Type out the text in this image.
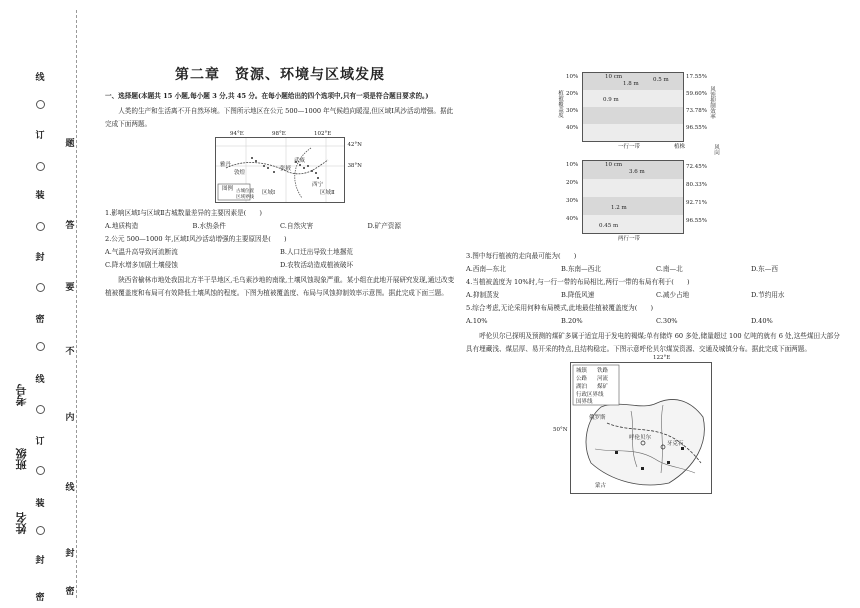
线
订
装
封
密
线
订
装
封
密
题
答
要
不
内
线
封
密
考号
班级
姓名
第二章　资源、环境与区域发展

一、选择题(本题共 15 小题,每小题 3 分,共 45 分。在每小题给出的四个选项中,只有一项是符合题目要求的。)

人类的生产和生活离不开自然环境。下图所示地区在公元 500—1000 年气候趋向暖湿,但区域Ⅰ风沙活动增强。据此完成下面两题。

94°E	98°E	102°E
42°N
38°N
雅丹
敦煌
张掖
武威
西宁
区域Ⅰ	区域Ⅱ
图例 古城位置
区域界线

1.影响区域Ⅰ与区域Ⅱ古城数量差异的主要因素是(　　)

A.地质构造	B.水热条件	C.自然灾害	D.矿产资源

2.公元 500—1000 年,区域Ⅰ风沙活动增强的主要原因是(　　)

A.气温升高导致河流断流	B.人口迁出导致土地撂荒
C.降水增多加剧土壤侵蚀	D.农牧活动造成植被破坏

陕西省榆林市地处我国北方半干旱地区,毛乌素沙地的南缘,土壤风蚀现象严重。某小组在此地开展研究发现,通过改变植被覆盖度和布局可有效降低土壤风蚀的程度。下图为植被覆盖度、布局与风蚀抑制效率示意图。据此完成下面三题。

10 cm
1.8 m
0.9 m
0.5 m
10%
20%
30%
40%
17.55%
59.60%
73.78%
96.55%
植株
一行一带
10 cm
3.6 m
1.2 m
0.45 m
10%
20%
30%
40%
72.45%
80.33%
92.71%
96.55%
两行一带
风向
风蚀抑制效率
植被覆盖度

3.图中每行植被的走向最可能为(　　)

A.西南—东北	B.东南—西北	C.南—北	D.东—西

4.当植被盖度为 10%时,与一行一带的布局相比,两行一带的布局有利于(　　)

A.抑制蒸发	B.降低风速	C.减少占地	D.节约用水

5.综合考虑,无论采用何种布局模式,此地最佳植被覆盖度为(　　)

A.10%	B.20%	C.30%	D.40%

呼伦贝尔已探明及预测的煤矿多属于适宜用于发电的褐煤;单有储炸 60 多处,储量超过 100 亿吨的就有 6 处,这些煤田大部分具有埋藏浅、煤层厚、易开采的特点,且结构稳定。下图示意呼伦贝尔煤炭资源、交通及城镇分布。据此完成下面两题。

122°E
50°N
城镇 铁路
公路 河流
湖泊 煤矿
行政区界线
国界线
呼伦贝尔
牙克石
俄罗斯
蒙古
